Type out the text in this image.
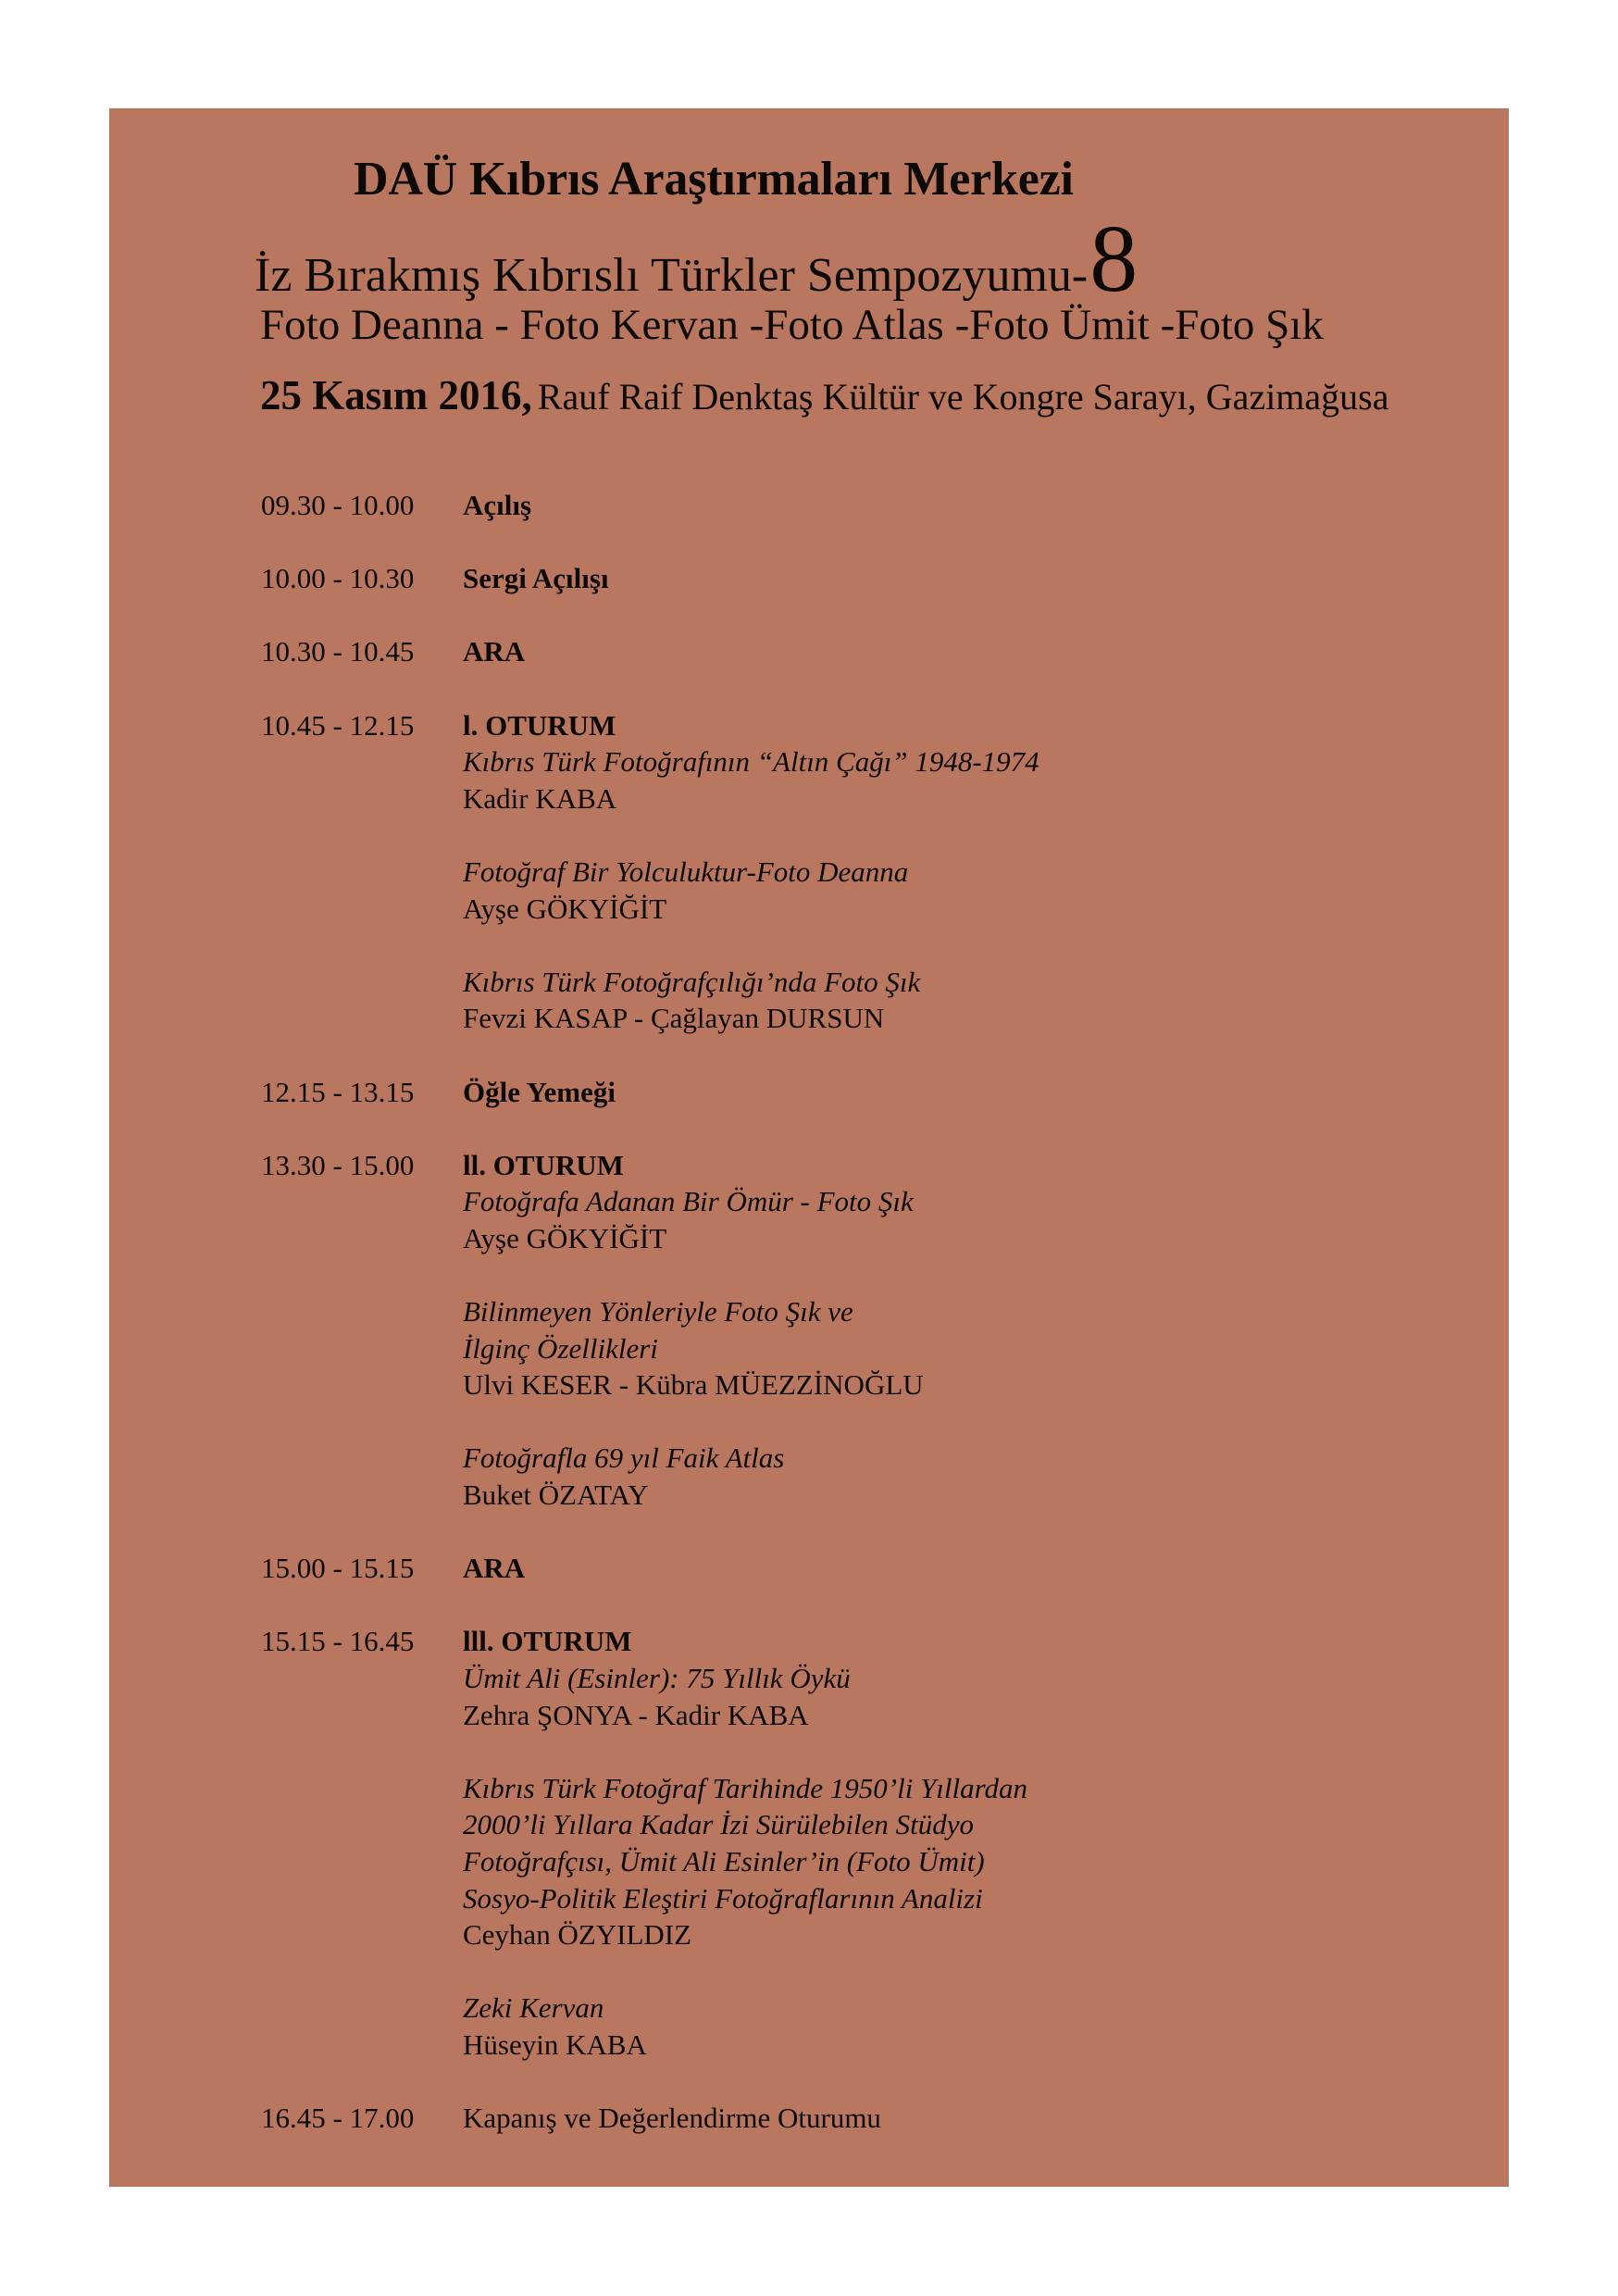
DAÜ Kıbrıs Araştırmaları Merkezi
İz Bırakmış Kıbrıslı Türkler Sempozyumu-8
Foto Deanna - Foto Kervan -Foto Atlas -Foto Ümit -Foto Şık
25 Kasım 2016, Rauf Raif Denktaş Kültür ve Kongre Sarayı, Gazimağusa
09.30 - 10.00 Açılış
10.00 - 10.30 Sergi Açılışı
10.30 - 10.45 ARA
10.45 - 12.15 l. OTURUM
Kıbrıs Türk Fotoğrafının “Altın Çağı” 1948-1974
Kadir KABA
Fotoğraf Bir Yolculuktur-Foto Deanna
Ayşe GÖKYİĞİT
Kıbrıs Türk Fotoğrafçılığı’nda Foto Şık
Fevzi KASAP - Çağlayan DURSUN
12.15 - 13.15 Öğle Yemeği
13.30 - 15.00 ll. OTURUM
Fotoğrafa Adanan Bir Ömür - Foto Şık
Ayşe GÖKYİĞİT
Bilinmeyen Yönleriyle Foto Şık ve
İlginç Özellikleri
Ulvi KESER - Kübra MÜEZZİNOĞLU
Fotoğrafla 69 yıl Faik Atlas
Buket ÖZATAY
15.00 - 15.15 ARA
15.15 - 16.45 lll. OTURUM
Ümit Ali (Esinler): 75 Yıllık Öykü
Zehra ŞONYA - Kadir KABA
Kıbrıs Türk Fotoğraf Tarihinde 1950’li Yıllardan
2000’li Yıllara Kadar İzi Sürülebilen Stüdyo
Fotoğrafçısı, Ümit Ali Esinler’in (Foto Ümit)
Sosyo-Politik Eleştiri Fotoğraflarının Analizi
Ceyhan ÖZYILDIZ
Zeki Kervan
Hüseyin KABA
16.45 - 17.00 Kapanış ve Değerlendirme Oturumu
